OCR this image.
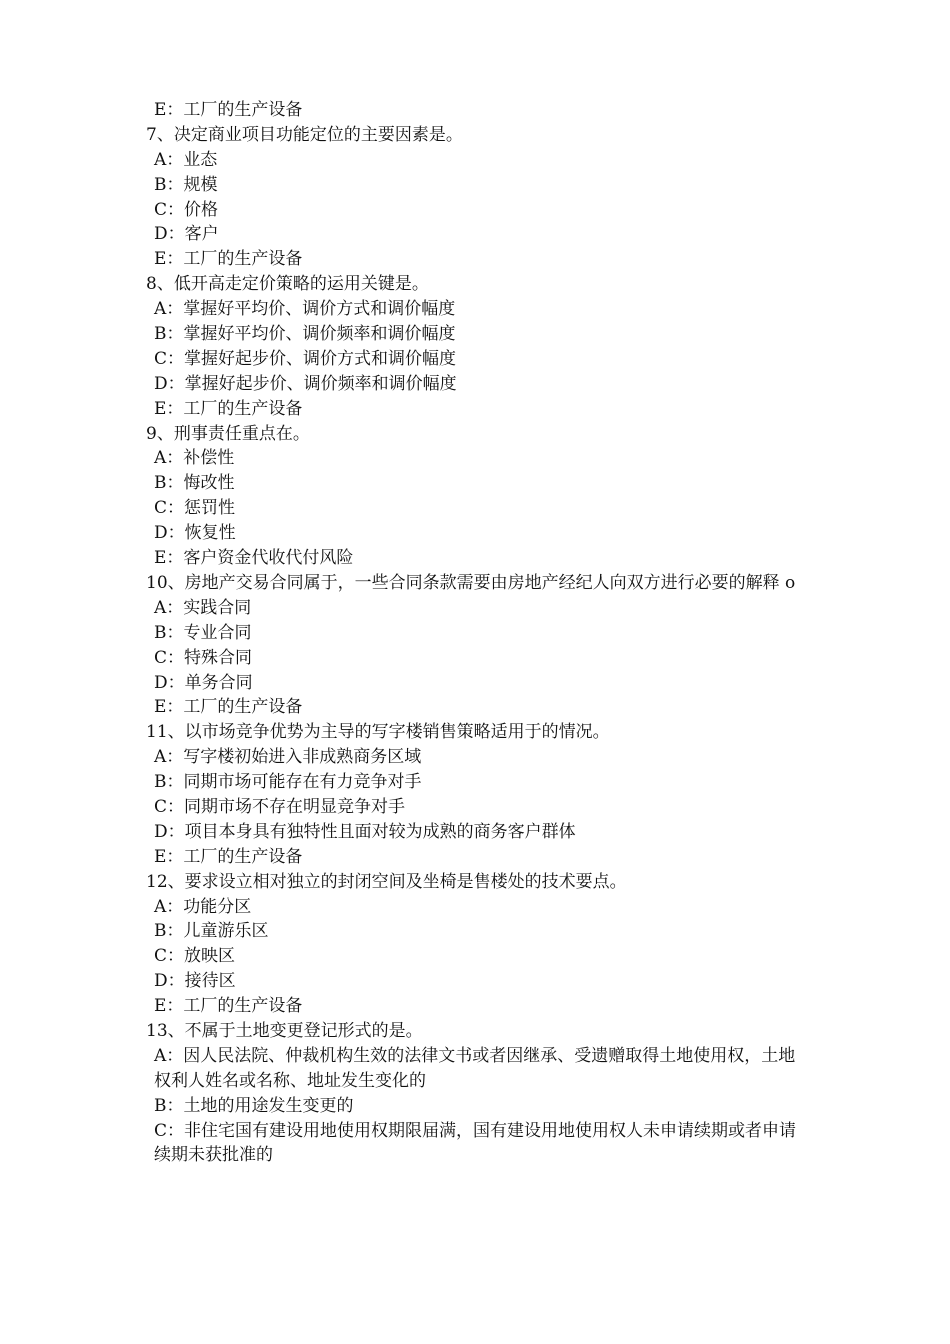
E：工厂的生产设备
7、决定商业项目功能定位的主要因素是。
A：业态
B：规模
C：价格
D：客户
E：工厂的生产设备
8、低开高走定价策略的运用关键是。
A：掌握好平均价、调价方式和调价幅度
B：掌握好平均价、调价频率和调价幅度
C：掌握好起步价、调价方式和调价幅度
D：掌握好起步价、调价频率和调价幅度
E：工厂的生产设备
9、刑事责任重点在。
A：补偿性
B：悔改性
C：惩罚性
D：恢复性
E：客户资金代收代付风险
10、房地产交易合同属于，一些合同条款需要由房地产经纪人向双方进行必要的解释 o
A：实践合同
B：专业合同
C：特殊合同
D：单务合同
E：工厂的生产设备
11、以市场竞争优势为主导的写字楼销售策略适用于的情况。
A：写字楼初始进入非成熟商务区域
B：同期市场可能存在有力竞争对手
C：同期市场不存在明显竞争对手
D：项目本身具有独特性且面对较为成熟的商务客户群体
E：工厂的生产设备
12、要求设立相对独立的封闭空间及坐椅是售楼处的技术要点。
A：功能分区
B：儿童游乐区
C：放映区
D：接待区
E：工厂的生产设备
13、不属于土地变更登记形式的是。
A：因人民法院、仲裁机构生效的法律文书或者因继承、受遗赠取得土地使用权，土地权利人姓名或名称、地址发生变化的
B：土地的用途发生变更的
C：非住宅国有建设用地使用权期限届满，国有建设用地使用权人未申请续期或者申请续期未获批准的
